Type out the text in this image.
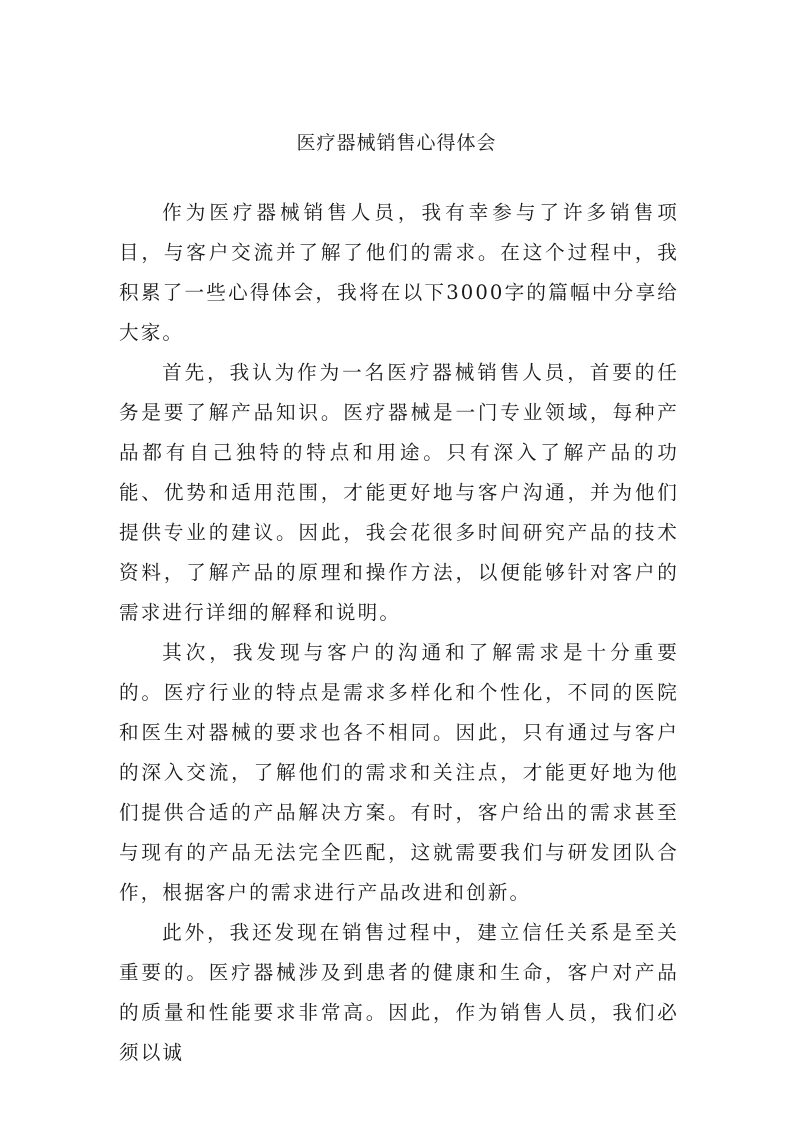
医疗器械销售心得体会

作为医疗器械销售人员，我有幸参与了许多销售项目，与客户交流并了解了他们的需求。在这个过程中，我积累了一些心得体会，我将在以下3000字的篇幅中分享给大家。

首先，我认为作为一名医疗器械销售人员，首要的任务是要了解产品知识。医疗器械是一门专业领域，每种产品都有自己独特的特点和用途。只有深入了解产品的功能、优势和适用范围，才能更好地与客户沟通，并为他们提供专业的建议。因此，我会花很多时间研究产品的技术资料，了解产品的原理和操作方法，以便能够针对客户的需求进行详细的解释和说明。

其次，我发现与客户的沟通和了解需求是十分重要的。医疗行业的特点是需求多样化和个性化，不同的医院和医生对器械的要求也各不相同。因此，只有通过与客户的深入交流，了解他们的需求和关注点，才能更好地为他们提供合适的产品解决方案。有时，客户给出的需求甚至与现有的产品无法完全匹配，这就需要我们与研发团队合作，根据客户的需求进行产品改进和创新。

此外，我还发现在销售过程中，建立信任关系是至关重要的。医疗器械涉及到患者的健康和生命，客户对产品的质量和性能要求非常高。因此，作为销售人员，我们必须以诚
